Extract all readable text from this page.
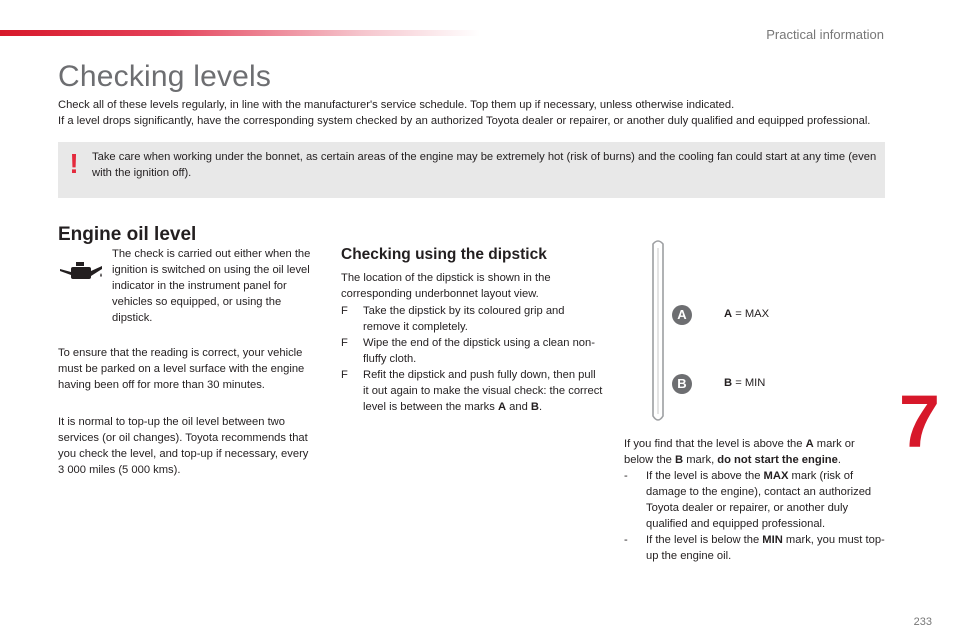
Practical information
Checking levels

Check all of these levels regularly, in line with the manufacturer's service schedule. Top them up if necessary, unless otherwise indicated.

If a level drops significantly, have the corresponding system checked by an authorized Toyota dealer or repairer, or another duly qualified and equipped professional.

! Take care when working under the bonnet, as certain areas of the engine may be extremely hot (risk of burns) and the cooling fan could start at any time (even with the ignition off).
Engine oil level
The check is carried out either when the ignition is switched on using the oil level indicator in the instrument panel for vehicles so equipped, or using the dipstick.
To ensure that the reading is correct, your vehicle must be parked on a level surface with the engine having been off for more than 30 minutes.
It is normal to top-up the oil level between two services (or oil changes). Toyota recommends that you check the level, and top-up if necessary, every 3 000 miles (5 000 kms).
Checking using the dipstick
The location of the dipstick is shown in the corresponding underbonnet layout view.
F	Take the dipstick by its coloured grip and remove it completely.
F	Wipe the end of the dipstick using a clean non-fluffy cloth.
F	Refit the dipstick and push fully down, then pull it out again to make the visual check: the correct level is between the marks A and B.
A
B
A = MAX
B = MIN
If you find that the level is above the A mark or below the B mark, do not start the engine.
- If the level is above the MAX mark (risk of damage to the engine), contact an authorized Toyota dealer or repairer, or another duly qualified and equipped professional.
- If the level is below the MIN mark, you must top-up the engine oil.
7
233
